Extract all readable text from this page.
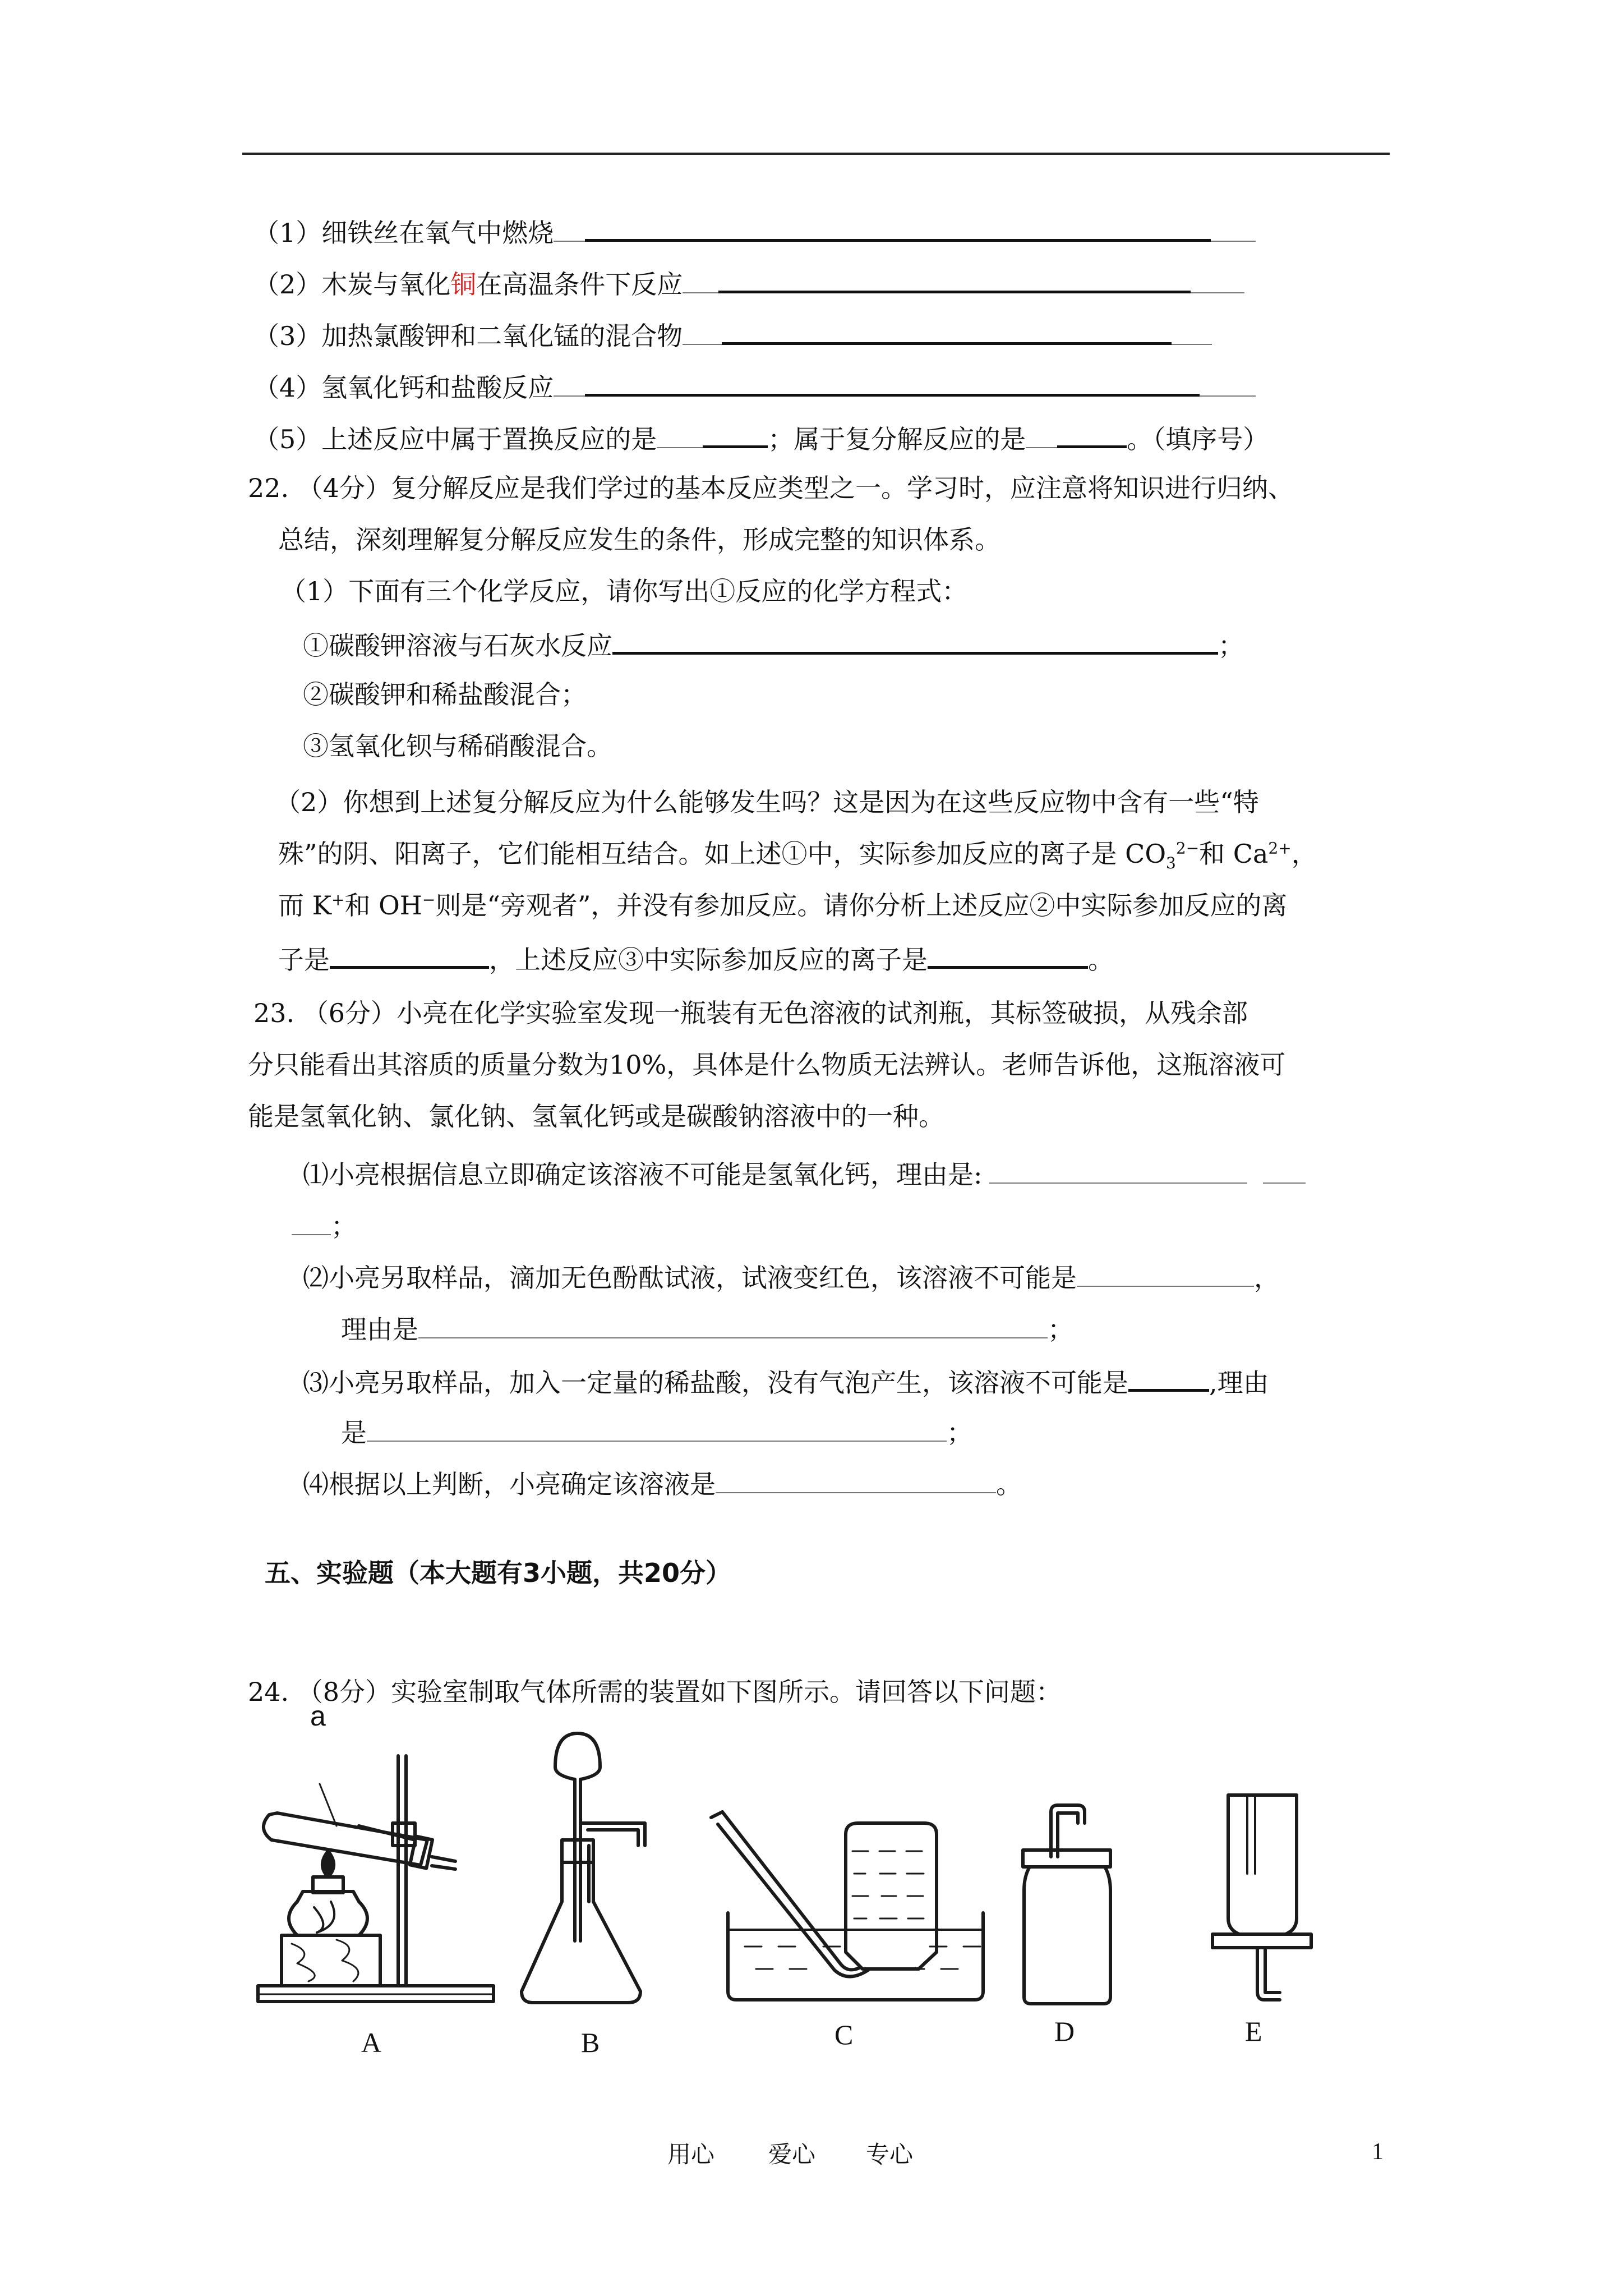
（1）细铁丝在氧气中燃烧
（2）木炭与氧化铜在高温条件下反应
（3）加热氯酸钾和二氧化锰的混合物
（4）氢氧化钙和盐酸反应
（5）上述反应中属于置换反应的是	；属于复分解反应的是	。（填序号）
22. （4分）复分解反应是我们学过的基本反应类型之一。学习时，应注意将知识进行归纳、
总结，深刻理解复分解反应发生的条件，形成完整的知识体系。
（1）下面有三个化学反应，请你写出①反应的化学方程式：
①碳酸钾溶液与石灰水反应	；
②碳酸钾和稀盐酸混合；
③氢氧化钡与稀硝酸混合。
（2）你想到上述复分解反应为什么能够发生吗？这是因为在这些反应物中含有一些“特
殊”的阴、阳离子，它们能相互结合。如上述①中，实际参加反应的离子是 $CO_3^{2-}$和 $Ca^{2+}$，
而 K+和 OH−则是“旁观者”，并没有参加反应。请你分析上述反应②中实际参加反应的离
子是	，上述反应③中实际参加反应的离子是	。
23. （6分）小亮在化学实验室发现一瓶装有无色溶液的试剂瓶，其标签破损，从残余部
分只能看出其溶质的质量分数为10%，具体是什么物质无法辨认。老师告诉他，这瓶溶液可
能是氢氧化钠、氯化钠、氢氧化钙或是碳酸钠溶液中的一种。
⑴小亮根据信息立即确定该溶液不可能是氢氧化钙，理由是:
；
⑵小亮另取样品，滴加无色酚酞试液，试液变红色，该溶液不可能是	，
理由是	；
⑶小亮另取样品，加入一定量的稀盐酸，没有气泡产生，该溶液不可能是	,理由
是	；
⑷根据以上判断，小亮确定该溶液是	。
五、实验题（本大题有3小题，共20分）
24. （8分）实验室制取气体所需的装置如下图所示。请回答以下问题：
a
A	B	C	D	E
用心 爱心 专心	1
